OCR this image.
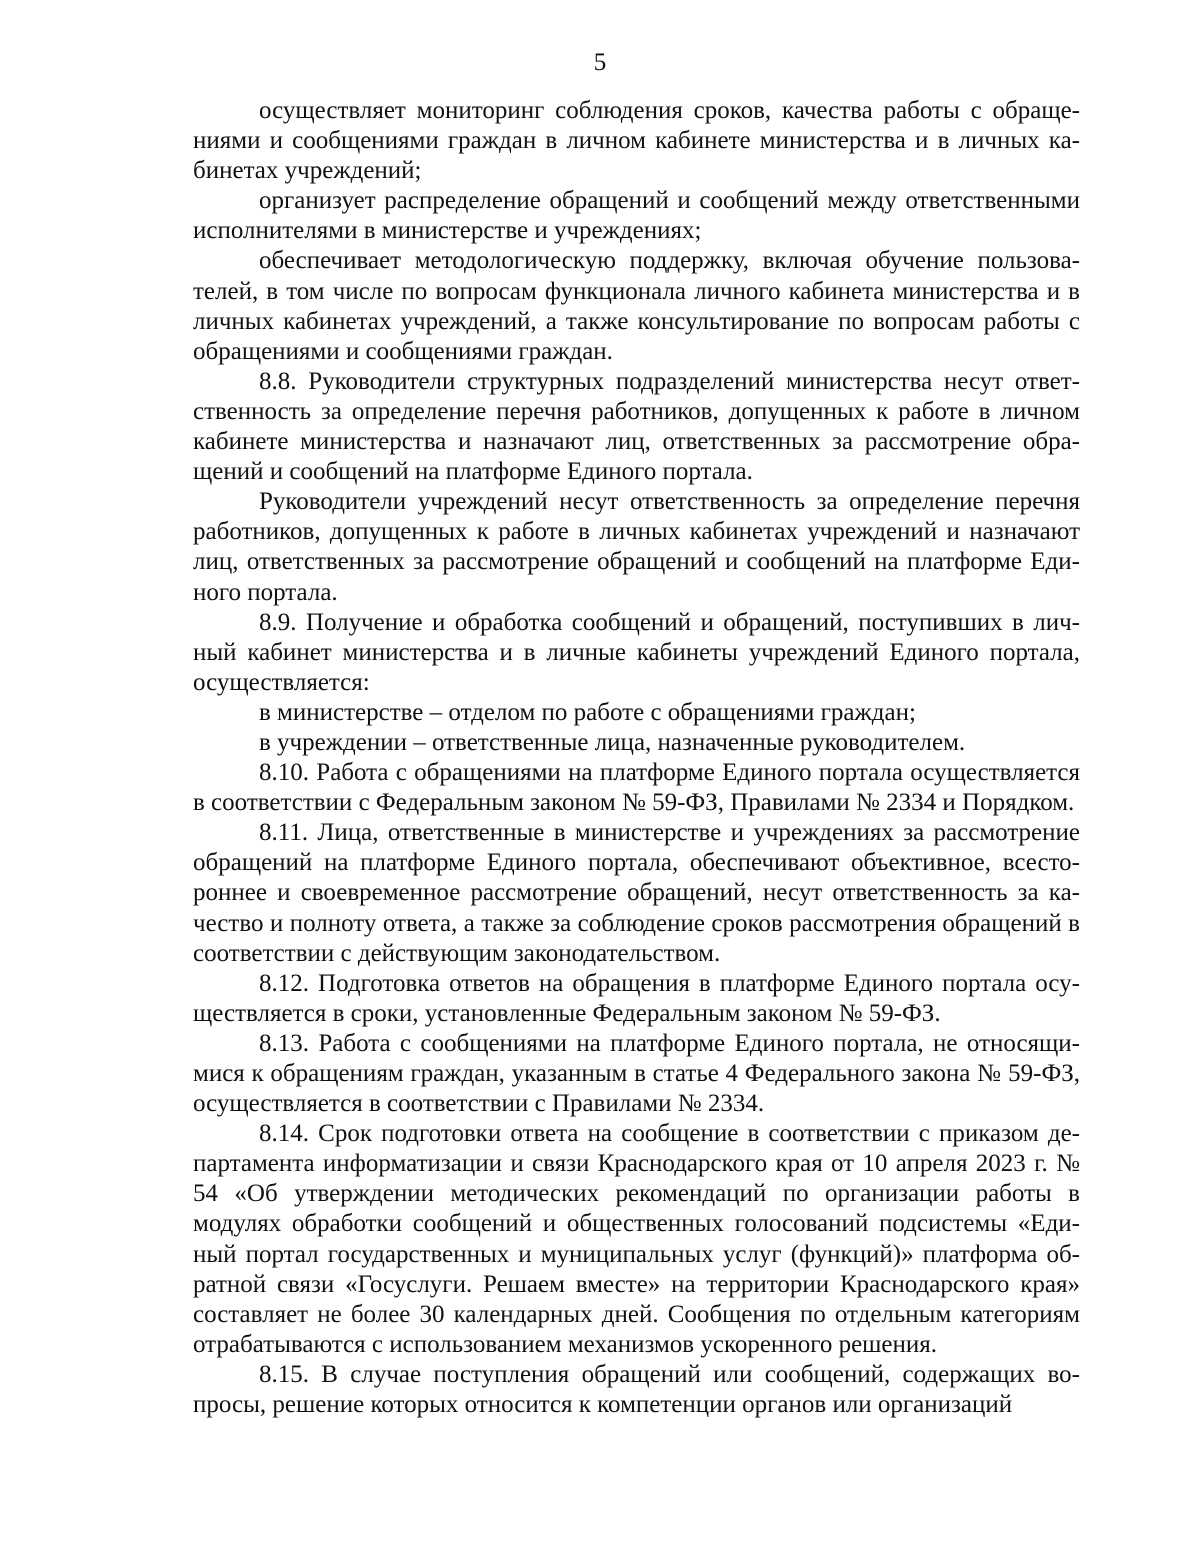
5

осуществляет мониторинг соблюдения сроков, качества работы с обращениями и сообщениями граждан в личном кабинете министерства и в личных кабинетах учреждений;

организует распределение обращений и сообщений между ответственными исполнителями в министерстве и учреждениях;

обеспечивает методологическую поддержку, включая обучение пользователей, в том числе по вопросам функционала личного кабинета министерства и в личных кабинетах учреждений, а также консультирование по вопросам работы с обращениями и сообщениями граждан.

8.8. Руководители структурных подразделений министерства несут ответственность за определение перечня работников, допущенных к работе в личном кабинете министерства и назначают лиц, ответственных за рассмотрение обращений и сообщений на платформе Единого портала.

Руководители учреждений несут ответственность за определение перечня работников, допущенных к работе в личных кабинетах учреждений и назначают лиц, ответственных за рассмотрение обращений и сообщений на платформе Единого портала.

8.9. Получение и обработка сообщений и обращений, поступивших в личный кабинет министерства и в личные кабинеты учреждений Единого портала, осуществляется:

в министерстве – отделом по работе с обращениями граждан;

в учреждении – ответственные лица, назначенные руководителем.

8.10. Работа с обращениями на платформе Единого портала осуществляется в соответствии с Федеральным законом № 59-ФЗ, Правилами № 2334 и Порядком.

8.11. Лица, ответственные в министерстве и учреждениях за рассмотрение обращений на платформе Единого портала, обеспечивают объективное, всестороннее и своевременное рассмотрение обращений, несут ответственность за качество и полноту ответа, а также за соблюдение сроков рассмотрения обращений в соответствии с действующим законодательством.

8.12. Подготовка ответов на обращения в платформе Единого портала осуществляется в сроки, установленные Федеральным законом № 59-ФЗ.

8.13. Работа с сообщениями на платформе Единого портала, не относящимися к обращениям граждан, указанным в статье 4 Федерального закона № 59-ФЗ, осуществляется в соответствии с Правилами № 2334.

8.14. Срок подготовки ответа на сообщение в соответствии с приказом департамента информатизации и связи Краснодарского края от 10 апреля 2023 г. № 54 «Об утверждении методических рекомендаций по организации работы в модулях обработки сообщений и общественных голосований подсистемы «Единый портал государственных и муниципальных услуг (функций)» платформа обратной связи «Госуслуги. Решаем вместе» на территории Краснодарского края» составляет не более 30 календарных дней. Сообщения по отдельным категориям отрабатываются с использованием механизмов ускоренного решения.

8.15. В случае поступления обращений или сообщений, содержащих вопросы, решение которых относится к компетенции органов или организаций
